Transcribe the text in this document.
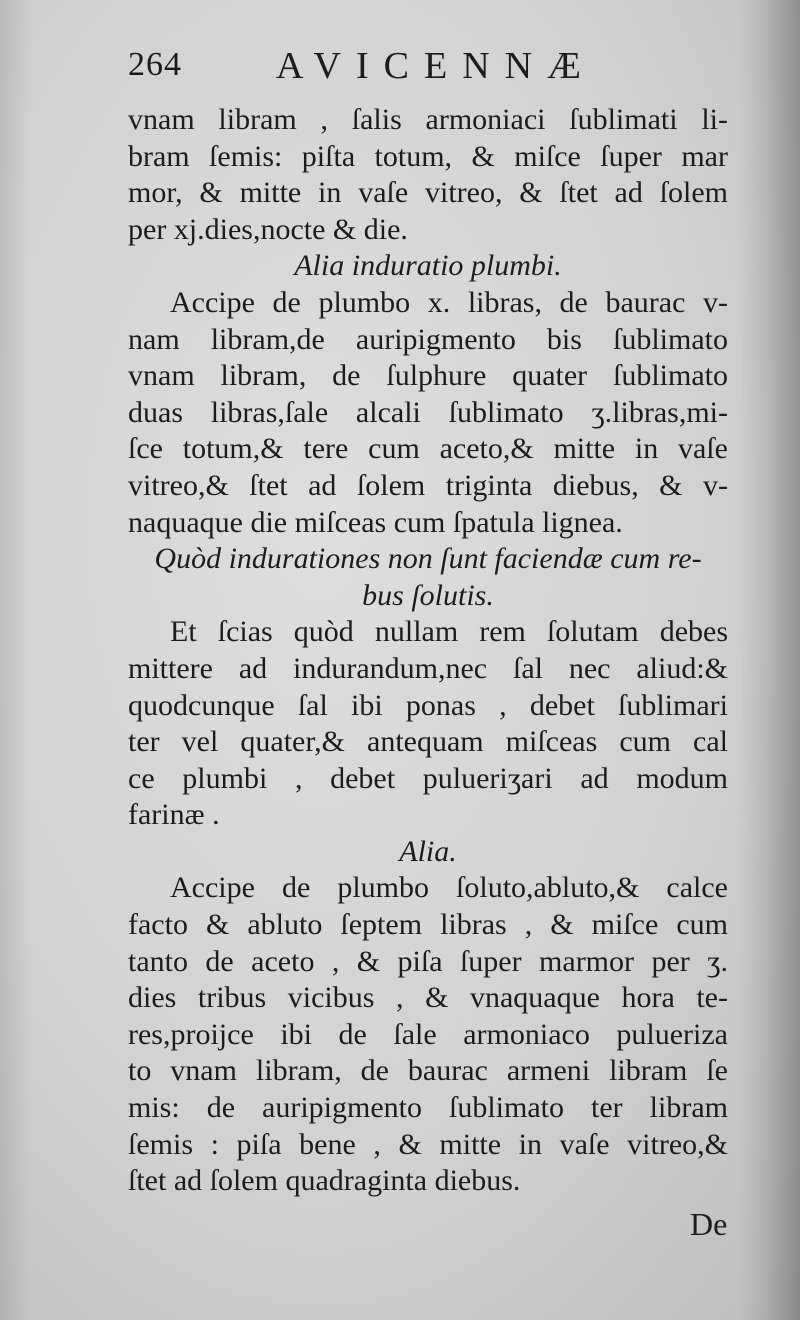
264 AVICENNÆ
vnam libram , ſalis armoniaci ſublimati li-
bram ſemis: piſta totum, & miſce ſuper mar
mor, & mitte in vaſe vitreo, & ſtet ad ſolem
per xj.dies,nocte & die.
Alia induratio plumbi.
Accipe de plumbo x. libras, de baurac v-
nam libram,de auripigmento bis ſublimato
vnam libram, de ſulphure quater ſublimato
duas libras,ſale alcali ſublimato ʒ.libras,mi-
ſce totum,& tere cum aceto,& mitte in vaſe
vitreo,& ſtet ad ſolem triginta diebus, & v-
naquaque die miſceas cum ſpatula lignea.
Quòd indurationes non ſunt faciendæ cum re-
bus ſolutis.
Et ſcias quòd nullam rem ſolutam debes
mittere ad indurandum,nec ſal nec aliud:&
quodcunque ſal ibi ponas , debet ſublimari
ter vel quater,& antequam miſceas cum cal
ce plumbi , debet pulueriʒari ad modum
farinæ .
Alia.
Accipe de plumbo ſoluto,abluto,& calce
facto & abluto ſeptem libras , & miſce cum
tanto de aceto , & piſa ſuper marmor per ʒ.
dies tribus vicibus , & vnaquaque hora te-
res,proijce ibi de ſale armoniaco pulueriza
to vnam libram, de baurac armeni libram ſe
mis: de auripigmento ſublimato ter libram
ſemis : piſa bene , & mitte in vaſe vitreo,&
ſtet ad ſolem quadraginta diebus.
De
